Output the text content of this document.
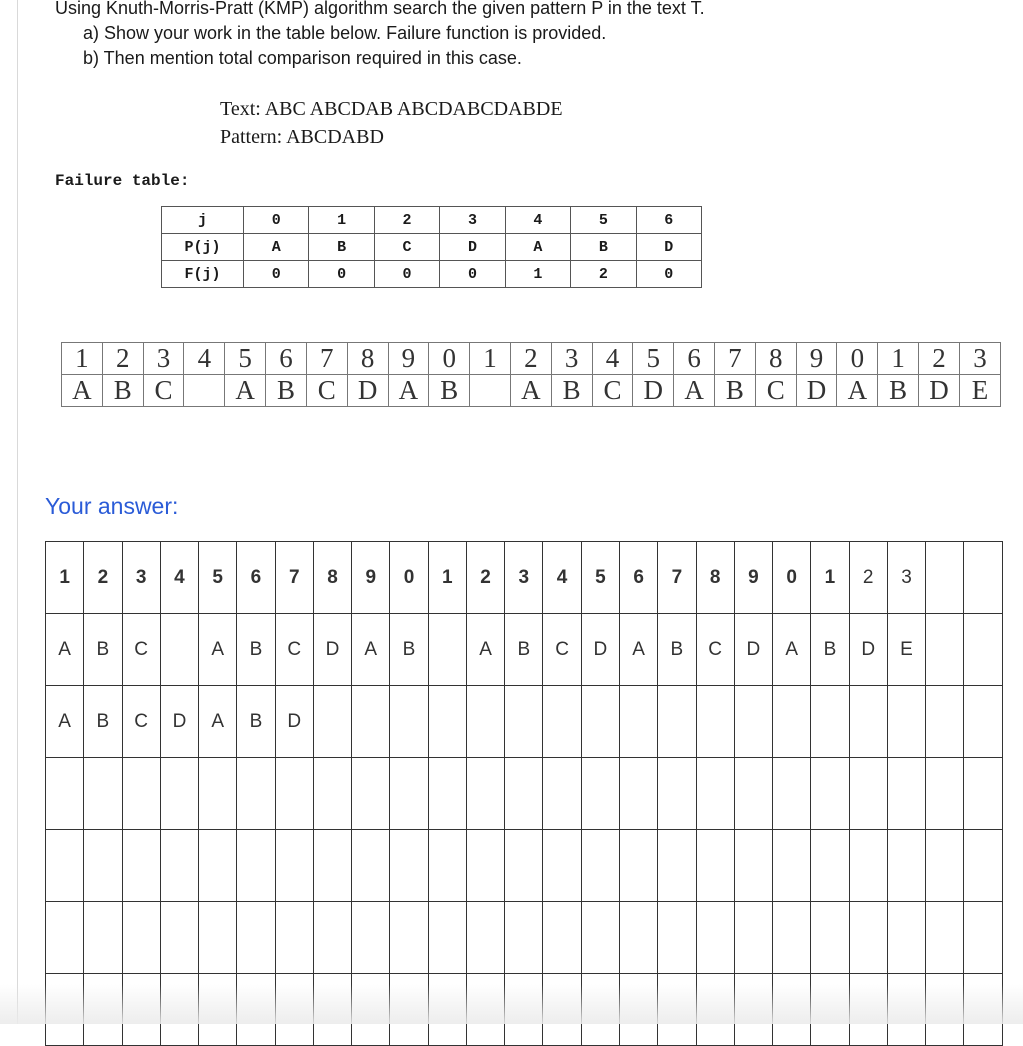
Using Knuth-Morris-Pratt (KMP) algorithm search the given pattern P in the text T.
a) Show your work in the table below. Failure function is provided.
b) Then mention total comparison required in this case.
Text: ABC ABCDAB ABCDABCDABDE
Pattern: ABCDABD
Failure table:
j	0	1	2	3	4	5	6
P(j)	A	B	C	D	A	B	D
F(j)	0	0	0	0	1	2	0
1	2	3	4	5	6	7	8	9	0	1	2	3	4	5	6	7	8	9	0	1	2	3
A	B	C		A	B	C	D	A	B		A	B	C	D	A	B	C	D	A	B	D	E
Your answer:
1	2	3	4	5	6	7	8	9	0	1	2	3	4	5	6	7	8	9	0	1	2	3		
A	B	C		A	B	C	D	A	B		A	B	C	D	A	B	C	D	A	B	D	E		
A	B	C	D	A	B	D																		
